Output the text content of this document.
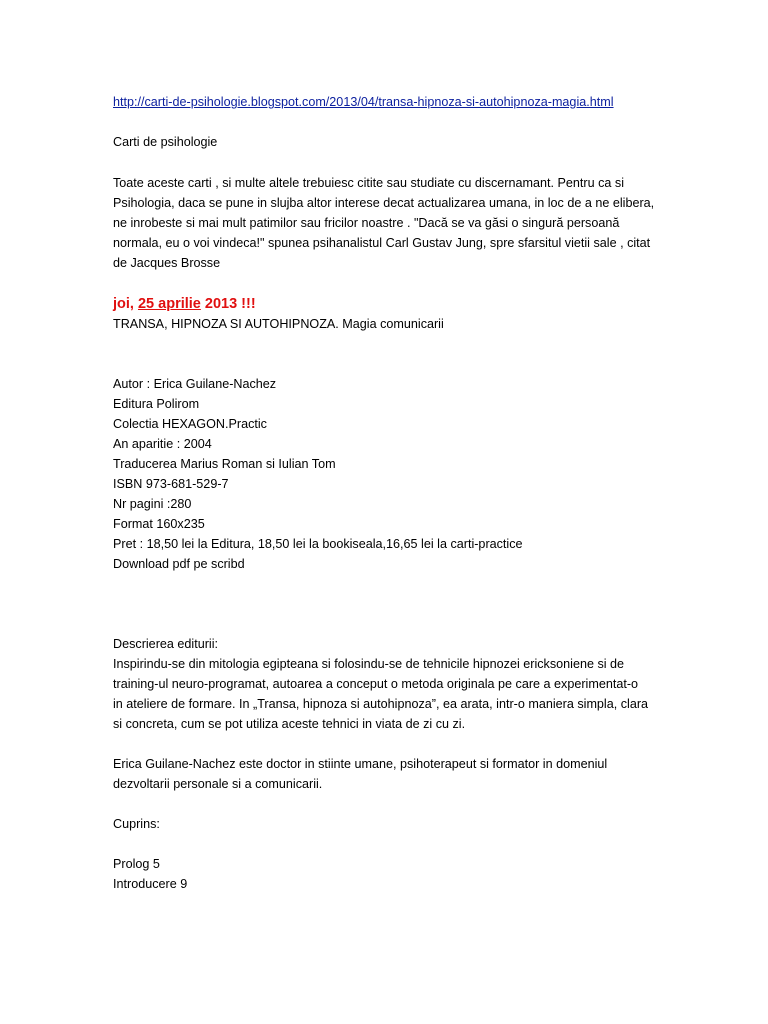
http://carti-de-psihologie.blogspot.com/2013/04/transa-hipnoza-si-autohipnoza-magia.html
Carti de psihologie
Toate aceste carti , si multe altele trebuiesc citite sau studiate cu discernamant. Pentru ca si
Psihologia, daca se pune in slujba altor interese decat actualizarea umana, in loc de a ne elibera,
ne inrobeste si mai mult patimilor sau fricilor noastre . "Dacă se va găsi o singură persoană
normala, eu o voi vindeca!" spunea psihanalistul Carl Gustav Jung, spre sfarsitul vietii sale , citat
de Jacques Brosse
joi, 25 aprilie 2013 !!!
TRANSA, HIPNOZA SI AUTOHIPNOZA. Magia comunicarii
Autor : Erica Guilane-Nachez
Editura Polirom
Colectia HEXAGON.Practic
An aparitie : 2004
Traducerea Marius Roman si Iulian Tom
ISBN 973-681-529-7
Nr pagini :280
Format 160x235
Pret : 18,50 lei la Editura, 18,50 lei la bookiseala,16,65 lei la carti-practice
Download pdf pe scribd
Descrierea editurii:
Inspirindu-se din mitologia egipteana si folosindu-se de tehnicile hipnozei ericksoniene si de
training-ul neuro-programat, autoarea a conceput o metoda originala pe care a experimentat-o
in ateliere de formare. In „Transa, hipnoza si autohipnoza”, ea arata, intr-o maniera simpla, clara
si concreta, cum se pot utiliza aceste tehnici in viata de zi cu zi.
Erica Guilane-Nachez este doctor in stiinte umane, psihoterapeut si formator in domeniul
dezvoltarii personale si a comunicarii.
Cuprins:
Prolog 5
Introducere 9
